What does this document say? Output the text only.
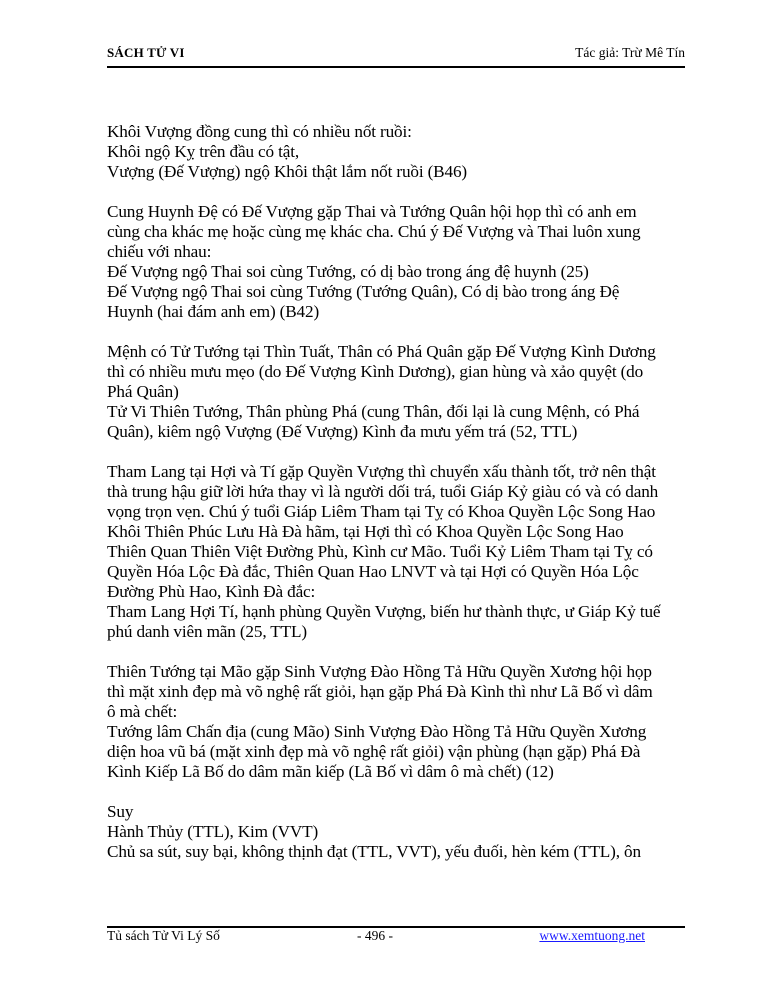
SÁCH TỬ VI	Tác giả: Trừ Mê Tín

Khôi Vượng đồng cung thì có nhiều nốt ruồi:
Khôi ngộ Kỵ trên đầu có tật,
Vượng (Đế Vượng) ngộ Khôi thật lắm nốt ruồi (B46)

Cung Huynh Đệ có Đế Vượng gặp Thai và Tướng Quân hội họp thì có anh em
cùng cha khác mẹ hoặc cùng mẹ khác cha. Chú ý Đế Vượng và Thai luôn xung
chiếu với nhau:
Đế Vượng ngộ Thai soi cùng Tướng, có dị bào trong áng đệ huynh (25)
Đế Vượng ngộ Thai soi cùng Tướng (Tướng Quân), Có dị bào trong áng Đệ
Huynh (hai đám anh em) (B42)

Mệnh có Tử Tướng tại Thìn Tuất, Thân có Phá Quân gặp Đế Vượng Kình Dương
thì có nhiều mưu mẹo (do Đế Vượng Kình Dương), gian hùng và xảo quyệt (do
Phá Quân)
Tử Vi Thiên Tướng, Thân phùng Phá (cung Thân, đối lại là cung Mệnh, có Phá
Quân), kiêm ngộ Vượng (Đế Vượng) Kình đa mưu yếm trá (52, TTL)

Tham Lang tại Hợi và Tí gặp Quyền Vượng thì chuyển xấu thành tốt, trở nên thật
thà trung hậu giữ lời hứa thay vì là người dối trá, tuổi Giáp Kỷ giàu có và có danh
vọng trọn vẹn. Chú ý tuổi Giáp Liêm Tham tại Tỵ có Khoa Quyền Lộc Song Hao
Khôi Thiên Phúc Lưu Hà Đà hãm, tại Hợi thì có Khoa Quyền Lộc Song Hao
Thiên Quan Thiên Việt Đường Phù, Kình cư Mão. Tuổi Kỷ Liêm Tham tại Tỵ có
Quyền Hóa Lộc Đà đắc, Thiên Quan Hao LNVT và tại Hợi có Quyền Hóa Lộc
Đường Phù Hao, Kình Đà đắc:
Tham Lang Hợi Tí, hạnh phùng Quyền Vượng, biến hư thành thực, ư Giáp Kỷ tuế
phú danh viên mãn (25, TTL)

Thiên Tướng tại Mão gặp Sinh Vượng Đào Hồng Tả Hữu Quyền Xương hội họp
thì mặt xinh đẹp mà võ nghệ rất giỏi, hạn gặp Phá Đà Kình thì như Lã Bố vì dâm
ô mà chết:
Tướng lâm Chấn địa (cung Mão) Sinh Vượng Đào Hồng Tả Hữu Quyền Xương
diện hoa vũ bá (mặt xinh đẹp mà võ nghệ rất giỏi) vận phùng (hạn gặp) Phá Đà
Kình Kiếp Lã Bố do dâm mãn kiếp (Lã Bố vì dâm ô mà chết) (12)

Suy
Hành Thủy (TTL), Kim (VVT)
Chủ sa sút, suy bại, không thịnh đạt (TTL, VVT), yếu đuối, hèn kém (TTL), ôn

Tủ sách Tử Vi Lý Số	- 496 -	www.xemtuong.net
